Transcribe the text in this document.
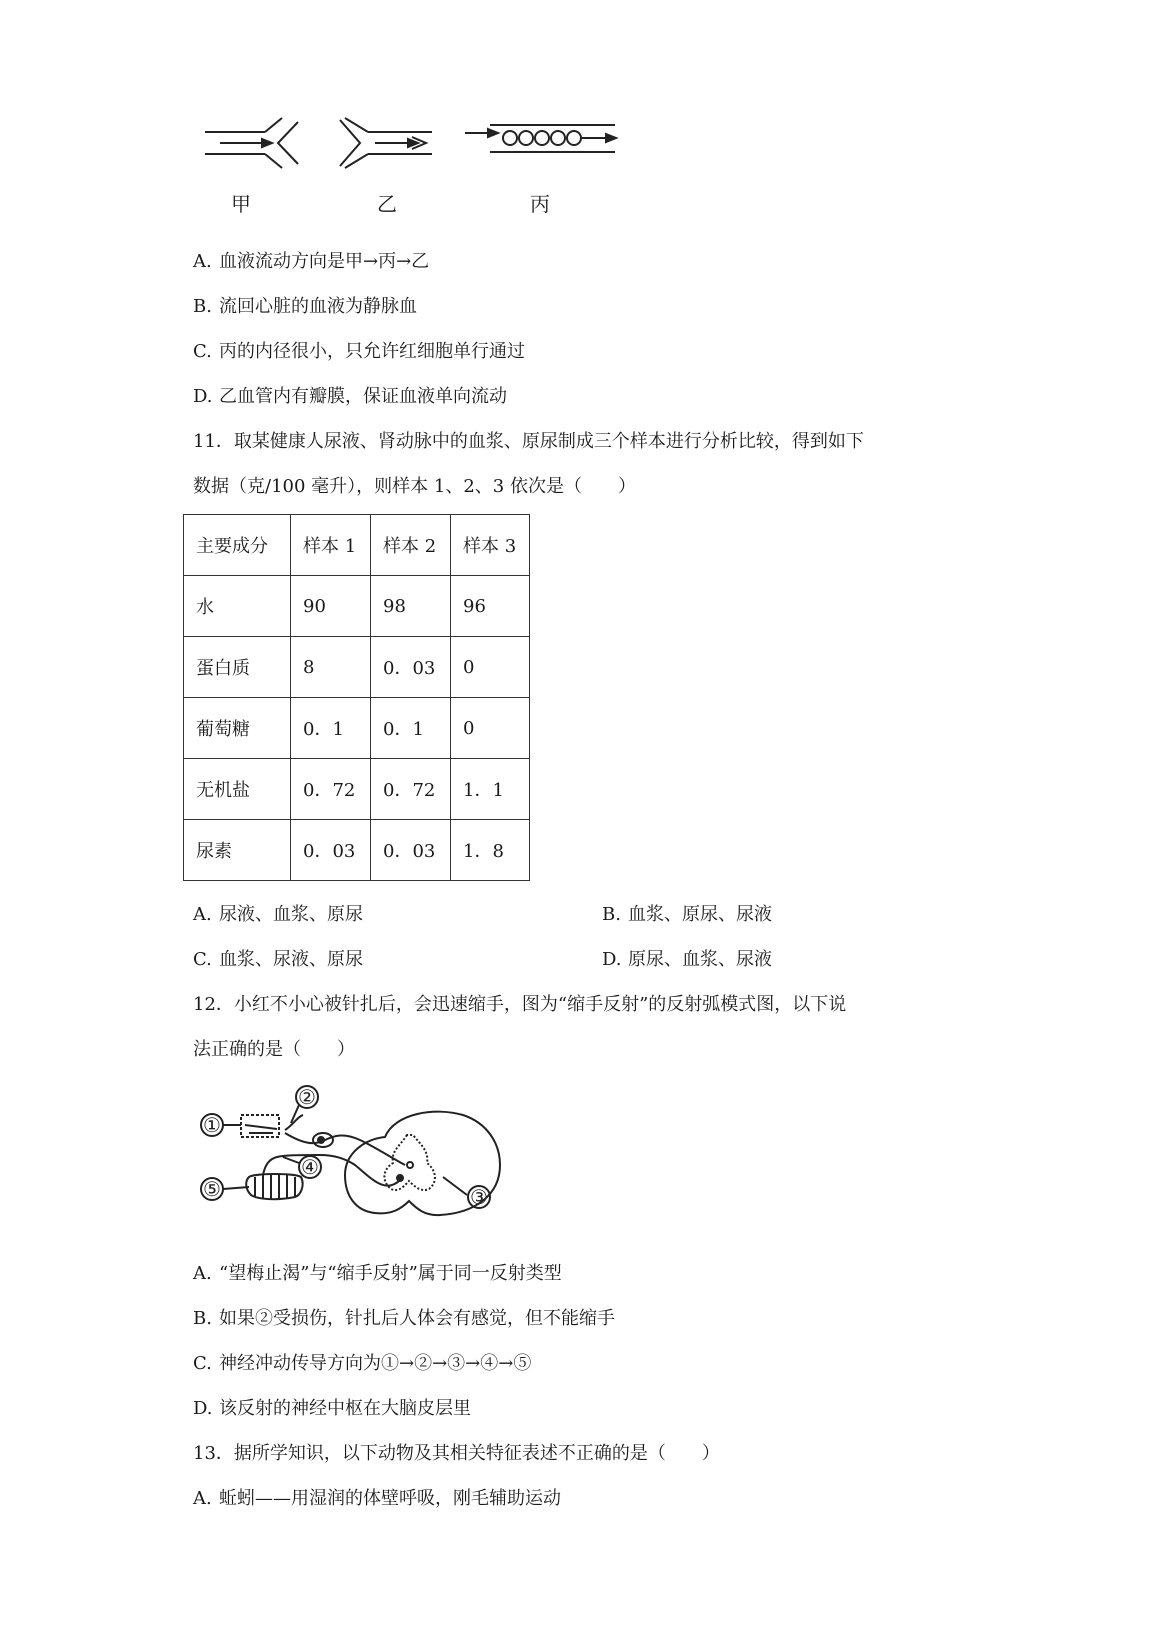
甲	乙	丙
A. 血液流动方向是甲→丙→乙
B. 流回心脏的血液为静脉血
C. 丙的内径很小，只允许红细胞单行通过
D. 乙血管内有瓣膜，保证血液单向流动
11．取某健康人尿液、肾动脉中的血浆、原尿制成三个样本进行分析比较，得到如下
数据（克/100 毫升），则样本 1、2、3 依次是（　　）
主要成分	样本 1	样本 2	样本 3
水	90	98	96
蛋白质	8	0．03	0
葡萄糖	0．1	0．1	0
无机盐	0．72	0．72	1．1
尿素	0．03	0．03	1．8
A. 尿液、血浆、原尿	B. 血浆、原尿、尿液
C. 血浆、尿液、原尿	D. 原尿、血浆、尿液
12．小红不小心被针扎后，会迅速缩手，图为“缩手反射”的反射弧模式图，以下说
法正确的是（　　）
①
②
③
④
⑤
A. “望梅止渴”与“缩手反射”属于同一反射类型
B. 如果②受损伤，针扎后人体会有感觉，但不能缩手
C. 神经冲动传导方向为①→②→③→④→⑤
D. 该反射的神经中枢在大脑皮层里
13．据所学知识，以下动物及其相关特征表述不正确的是（　　）
A. 蚯蚓——用湿润的体壁呼吸，刚毛辅助运动
